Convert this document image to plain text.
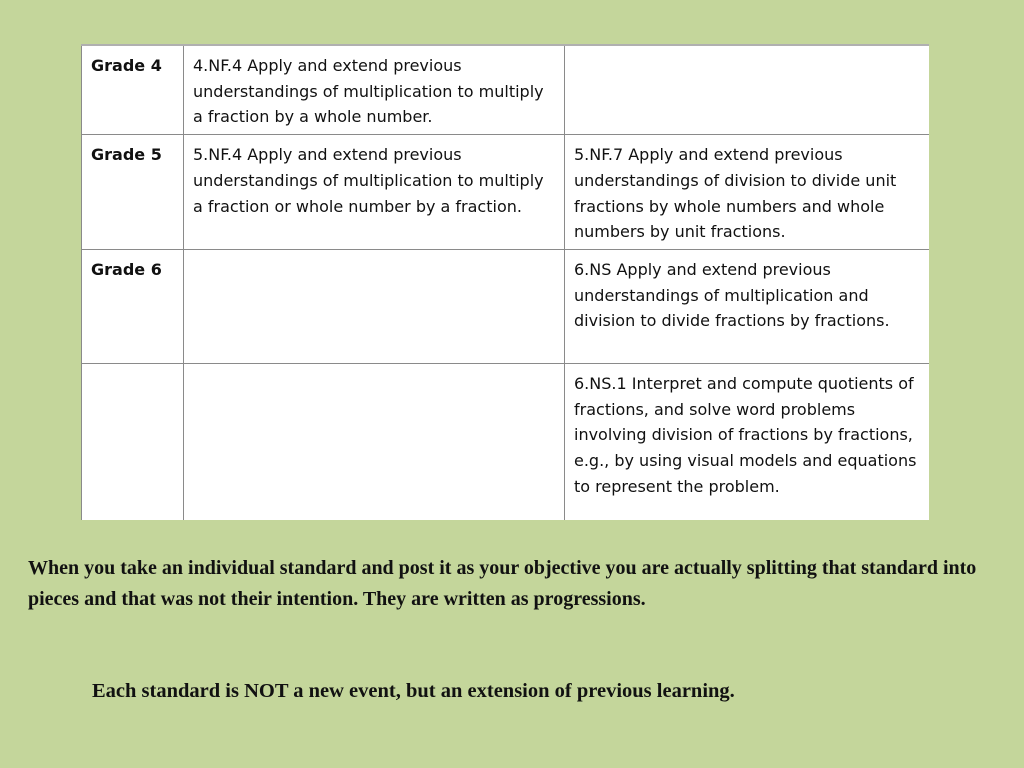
Grade 4	4.NF.4 Apply and extend previous understandings of multiplication to multiply a fraction by a whole number.	
Grade 5	5.NF.4 Apply and extend previous understandings of multiplication to multiply a fraction or whole number by a fraction.	5.NF.7 Apply and extend previous understandings of division to divide unit fractions by whole numbers and whole numbers by unit fractions.
Grade 6		6.NS Apply and extend previous understandings of multiplication and division to divide fractions by fractions.
		6.NS.1 Interpret and compute quotients of fractions, and solve word problems involving division of fractions by fractions, e.g., by using visual models and equations to represent the problem.

When you take an individual standard and post it as your objective you are actually splitting that standard into pieces and that was not their intention. They are written as progressions.

Each standard is NOT a new event, but an extension of previous learning.
